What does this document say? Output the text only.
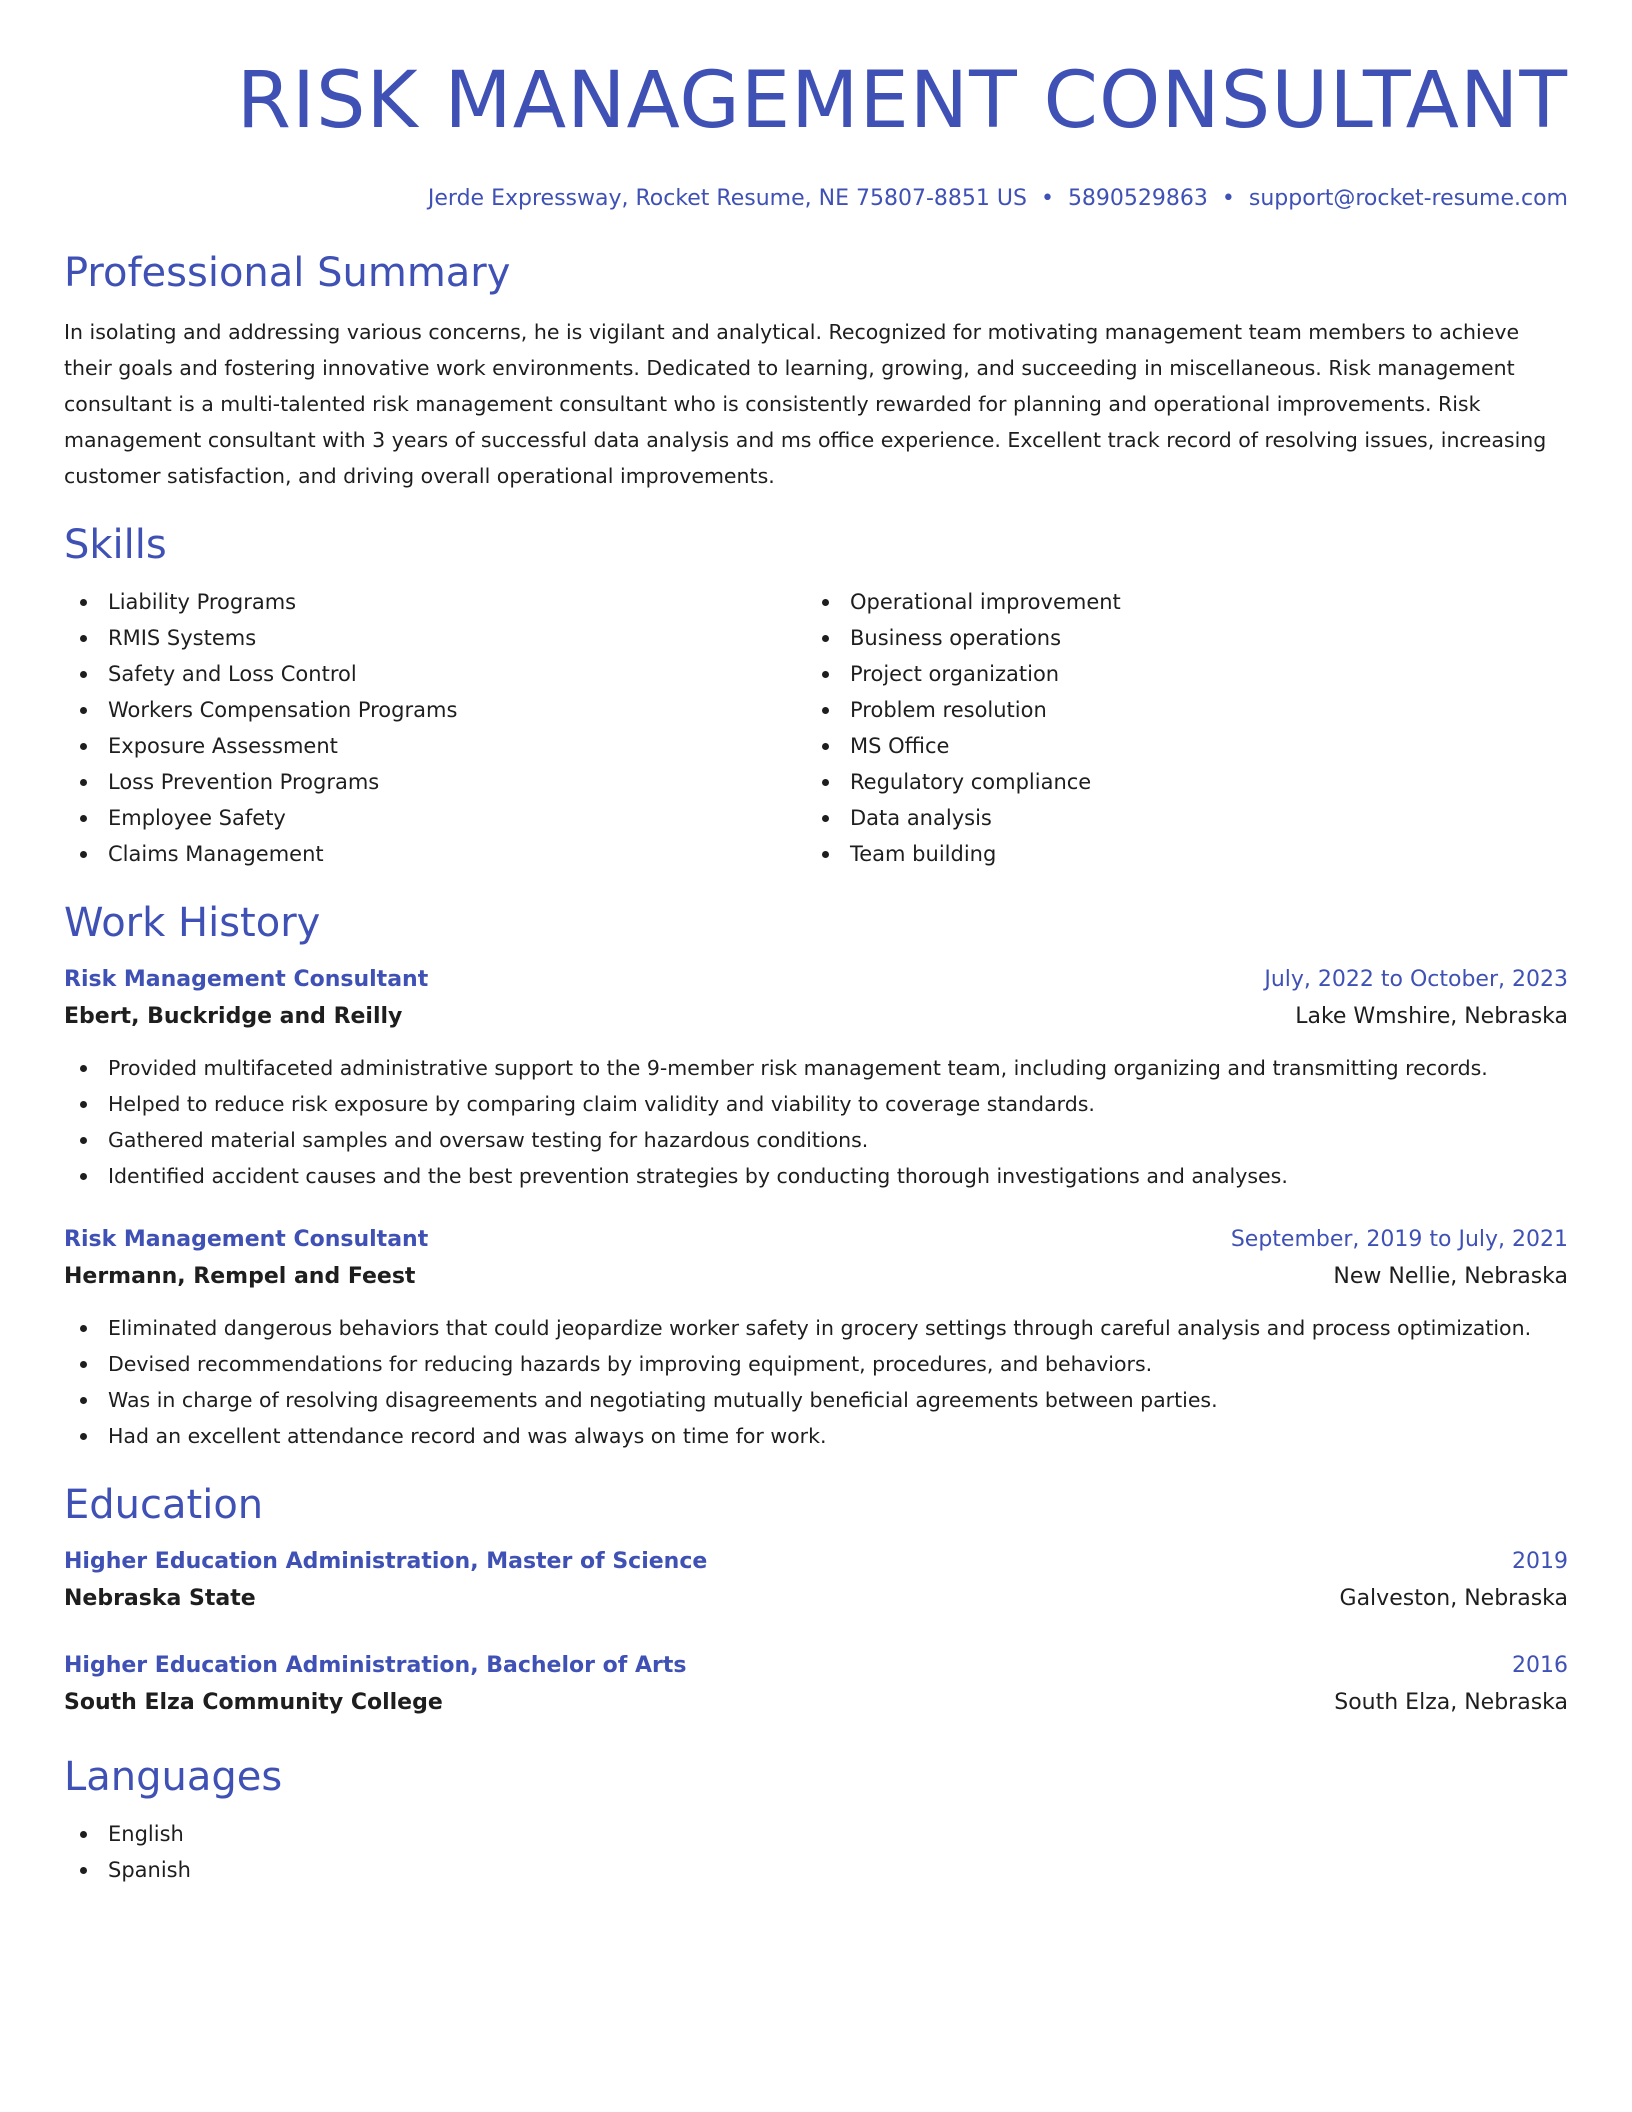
RISK MANAGEMENT CONSULTANT
Jerde Expressway, Rocket Resume, NE 75807-8851 US • 5890529863 • support@rocket-resume.com
Professional Summary

In isolating and addressing various concerns, he is vigilant and analytical. Recognized for motivating management team members to achieve their goals and fostering innovative work environments. Dedicated to learning, growing, and succeeding in miscellaneous. Risk management consultant is a multi-talented risk management consultant who is consistently rewarded for planning and operational improvements. Risk management consultant with 3 years of successful data analysis and ms office experience. Excellent track record of resolving issues, increasing customer satisfaction, and driving overall operational improvements.

Skills
Liability Programs
RMIS Systems
Safety and Loss Control
Workers Compensation Programs
Exposure Assessment
Loss Prevention Programs
Employee Safety
Claims Management
Operational improvement
Business operations
Project organization
Problem resolution
MS Office
Regulatory compliance
Data analysis
Team building
Work History
Risk Management Consultant	July, 2022 to October, 2023
Ebert, Buckridge and Reilly	Lake Wmshire, Nebraska
Provided multifaceted administrative support to the 9-member risk management team, including organizing and transmitting records.
Helped to reduce risk exposure by comparing claim validity and viability to coverage standards.
Gathered material samples and oversaw testing for hazardous conditions.
Identified accident causes and the best prevention strategies by conducting thorough investigations and analyses.
Risk Management Consultant	September, 2019 to July, 2021
Hermann, Rempel and Feest	New Nellie, Nebraska
Eliminated dangerous behaviors that could jeopardize worker safety in grocery settings through careful analysis and process optimization.
Devised recommendations for reducing hazards by improving equipment, procedures, and behaviors.
Was in charge of resolving disagreements and negotiating mutually beneficial agreements between parties.
Had an excellent attendance record and was always on time for work.
Education
Higher Education Administration, Master of Science	2019
Nebraska State	Galveston, Nebraska
Higher Education Administration, Bachelor of Arts	2016
South Elza Community College	South Elza, Nebraska
Languages
English
Spanish
